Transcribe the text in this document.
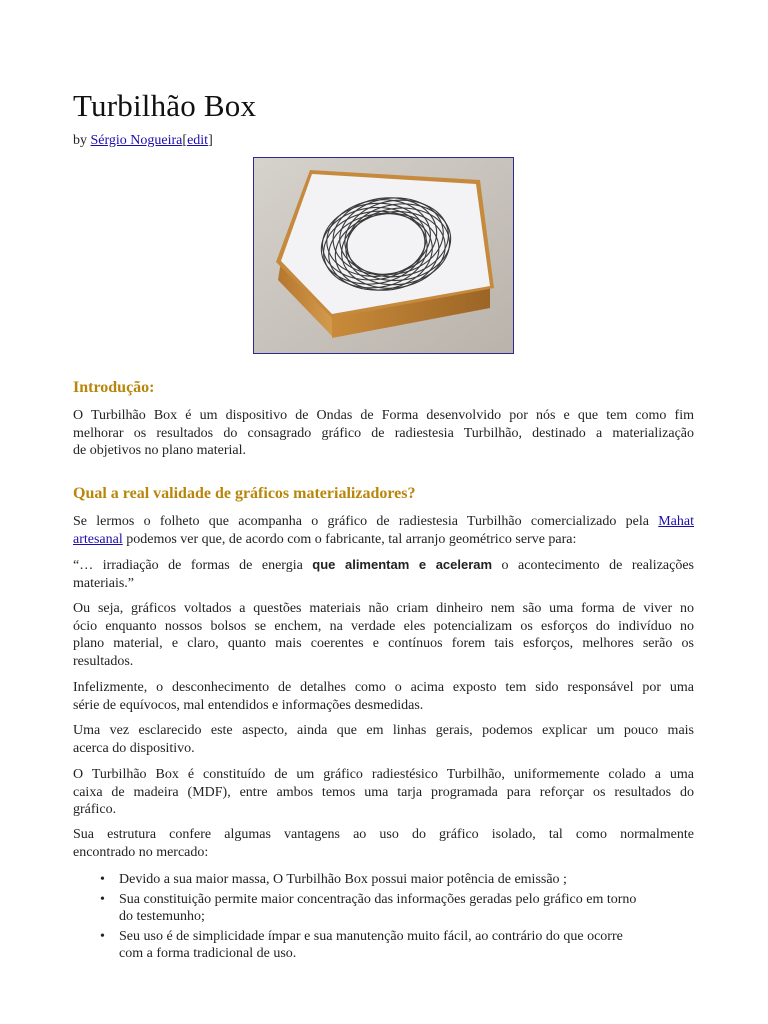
Turbilhão Box
by Sérgio Nogueira[edit]
Introdução:
O Turbilhão Box é um dispositivo de Ondas de Forma desenvolvido por nós e que tem como fim
melhorar os resultados do consagrado gráfico de radiestesia Turbilhão, destinado a materialização
de objetivos no plano material.
Qual a real validade de gráficos materializadores?
Se lermos o folheto que acompanha o gráfico de radiestesia Turbilhão comercializado pela Mahat
artesanal podemos ver que, de acordo com o fabricante, tal arranjo geométrico serve para:
“… irradiação de formas de energia que alimentam e aceleram o acontecimento de realizações
materiais.”
Ou seja, gráficos voltados a questões materiais não criam dinheiro nem são uma forma de viver no
ócio enquanto nossos bolsos se enchem, na verdade eles potencializam os esforços do indivíduo no
plano material, e claro, quanto mais coerentes e contínuos forem tais esforços, melhores serão os
resultados.
Infelizmente, o desconhecimento de detalhes como o acima exposto tem sido responsável por uma
série de equívocos, mal entendidos e informações desmedidas.
Uma vez esclarecido este aspecto, ainda que em linhas gerais, podemos explicar um pouco mais
acerca do dispositivo.
O Turbilhão Box é constituído de um gráfico radiestésico Turbilhão, uniformemente colado a uma
caixa de madeira (MDF), entre ambos temos uma tarja programada para reforçar os resultados do
gráfico.
Sua estrutura confere algumas vantagens ao uso do gráfico isolado, tal como normalmente
encontrado no mercado:
• Devido a sua maior massa, O Turbilhão Box possui maior potência de emissão ;
• Sua constituição permite maior concentração das informações geradas pelo gráfico em torno
do testemunho;
• Seu uso é de simplicidade ímpar e sua manutenção muito fácil, ao contrário do que ocorre
com a forma tradicional de uso.
